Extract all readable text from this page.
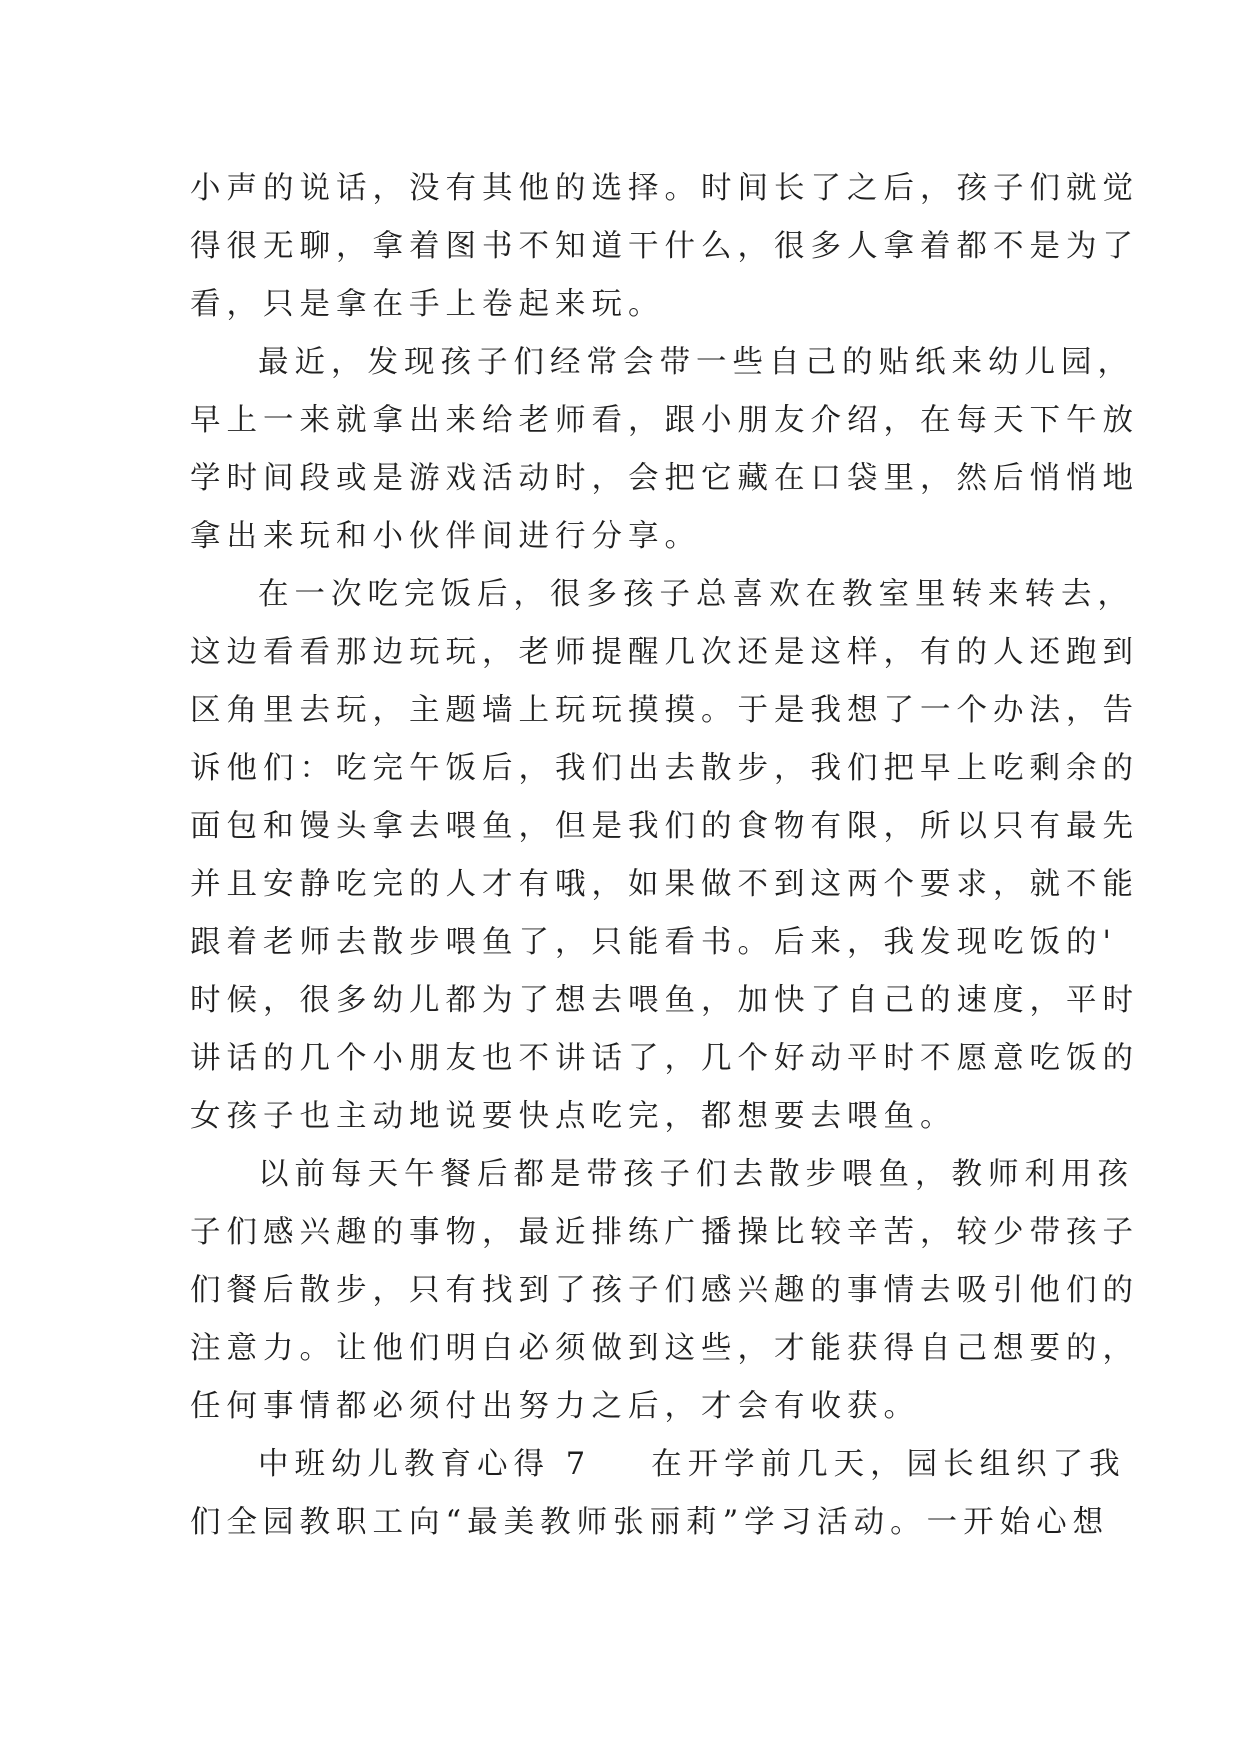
小声的说话，没有其他的选择。时间长了之后，孩子们就觉
得很无聊，拿着图书不知道干什么，很多人拿着都不是为了
看，只是拿在手上卷起来玩。
最近，发现孩子们经常会带一些自己的贴纸来幼儿园，
早上一来就拿出来给老师看，跟小朋友介绍，在每天下午放
学时间段或是游戏活动时，会把它藏在口袋里，然后悄悄地
拿出来玩和小伙伴间进行分享。
在一次吃完饭后，很多孩子总喜欢在教室里转来转去，
这边看看那边玩玩，老师提醒几次还是这样，有的人还跑到
区角里去玩，主题墙上玩玩摸摸。于是我想了一个办法，告
诉他们：吃完午饭后，我们出去散步，我们把早上吃剩余的
面包和馒头拿去喂鱼，但是我们的食物有限，所以只有最先
并且安静吃完的人才有哦，如果做不到这两个要求，就不能
跟着老师去散步喂鱼了，只能看书。后来，我发现吃饭的'
时候，很多幼儿都为了想去喂鱼，加快了自己的速度，平时
讲话的几个小朋友也不讲话了，几个好动平时不愿意吃饭的
女孩子也主动地说要快点吃完，都想要去喂鱼。
以前每天午餐后都是带孩子们去散步喂鱼，教师利用孩
子们感兴趣的事物，最近排练广播操比较辛苦，较少带孩子
们餐后散步，只有找到了孩子们感兴趣的事情去吸引他们的
注意力。让他们明白必须做到这些，才能获得自己想要的，
任何事情都必须付出努力之后，才会有收获。
中班幼儿教育心得 7 在开学前几天，园长组织了我
们全园教职工向“最美教师张丽莉”学习活动。一开始心想
